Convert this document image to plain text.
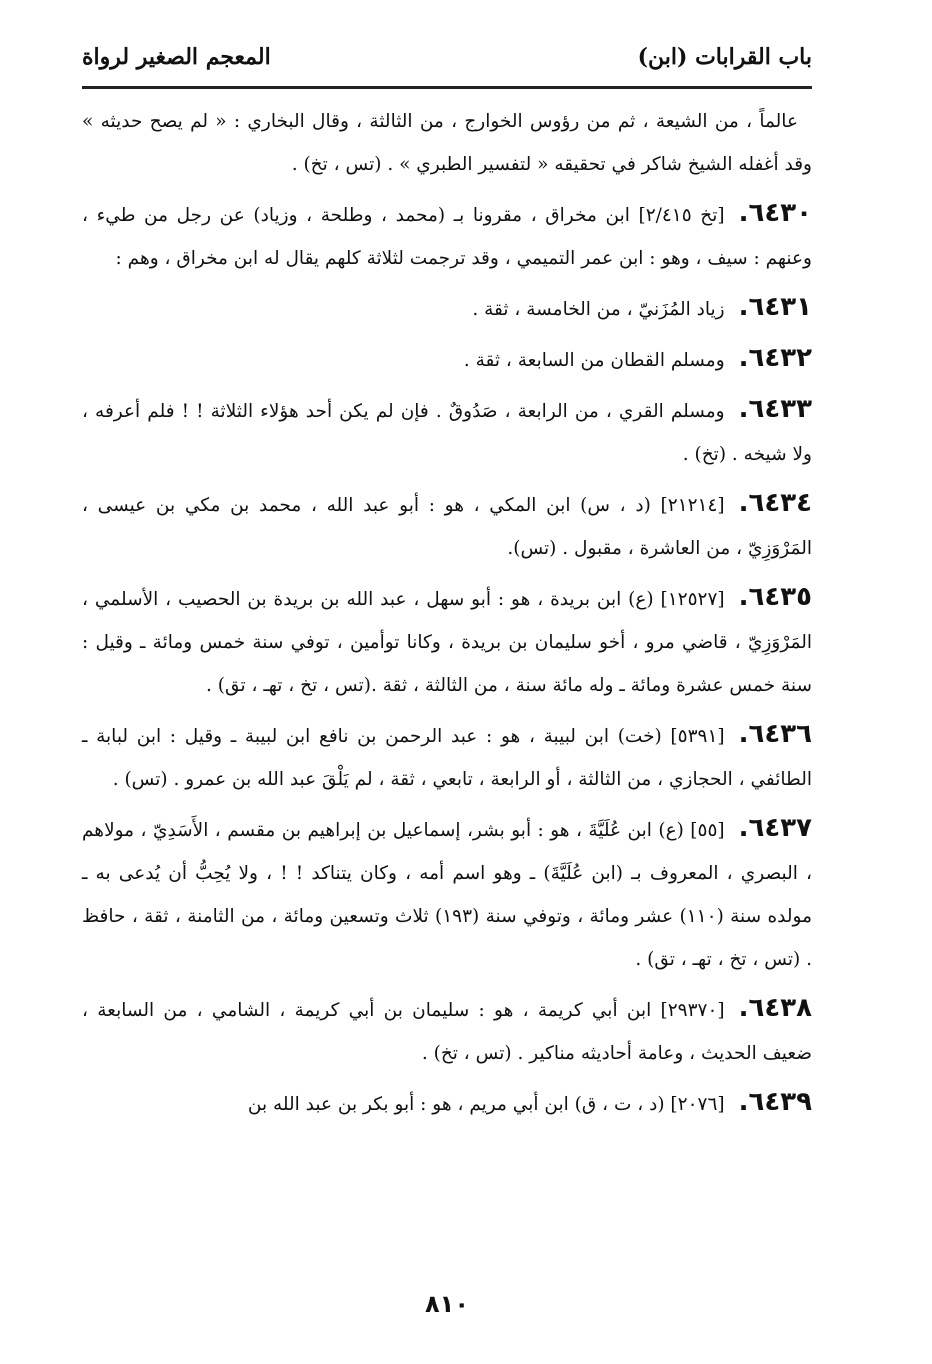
باب القرابات (ابن)
المعجم الصغير لرواة

عالماً ، من الشيعة ، ثم من رؤوس الخوارج ، من الثالثة ، وقال البخاري : « لم يصح حديثه » وقد أغفله الشيخ شاكر في تحقيقه « لتفسير الطبري » . (تس ، تخ) .

٦٤٣٠.[تخ ٢/٤١٥] ابن مخراق ، مقرونا بـ (محمد ، وطلحة ، وزياد) عن رجل من طيء ، وعنهم : سيف ، وهو : ابن عمر التميمي ، وقد ترجمت لثلاثة كلهم يقال له ابن مخراق ، وهم :

٦٤٣١.زياد المُزَنيّ ، من الخامسة ، ثقة .

٦٤٣٢.ومسلم القطان من السابعة ، ثقة .

٦٤٣٣.ومسلم القري ، من الرابعة ، صَدُوقٌ . فإن لم يكن أحد هؤلاء الثلاثة ! ! فلم أعرفه ، ولا شيخه . (تخ) .

٦٤٣٤.[٢١٢١٤] (د ، س) ابن المكي ، هو : أبو عبد الله ، محمد بن مكي بن عيسى ، المَرْوَزِيّ ، من العاشرة ، مقبول . (تس).

٦٤٣٥.[١٢٥٢٧] (ع) ابن بريدة ، هو : أبو سهل ، عبد الله بن بريدة بن الحصيب ، الأسلمي ، المَرْوَزِيّ ، قاضي مرو ، أخو سليمان بن بريدة ، وكانا توأمين ، توفي سنة خمس ومائة ـ وقيل : سنة خمس عشرة ومائة ـ وله مائة سنة ، من الثالثة ، ثقة .(تس ، تخ ، تهـ ، تق) .

٦٤٣٦.[٥٣٩١] (خت) ابن لبيبة ، هو : عبد الرحمن بن نافع ابن لبيبة ـ وقيل : ابن لبابة ـ الطائفي ، الحجازي ، من الثالثة ، أو الرابعة ، تابعي ، ثقة ، لم يَلْقَ عبد الله بن عمرو . (تس) .

٦٤٣٧.[٥٥] (ع) ابن عُلَيَّةَ ، هو : أبو بشر، إسماعيل بن إبراهيم بن مقسم ، الأَسَدِيّ ، مولاهم ، البصري ، المعروف بـ (ابن عُلَيَّةَ) ـ وهو اسم أمه ، وكان يتناكد ! ! ، ولا يُحِبُّ أن يُدعى به ـ مولده سنة (١١٠) عشر ومائة ، وتوفي سنة (١٩٣) ثلاث وتسعين ومائة ، من الثامنة ، ثقة ، حافظ . (تس ، تخ ، تهـ ، تق) .

٦٤٣٨.[٢٩٣٧٠] ابن أبي كريمة ، هو : سليمان بن أبي كريمة ، الشامي ، من السابعة ، ضعيف الحديث ، وعامة أحاديثه مناكير . (تس ، تخ) .

٦٤٣٩.[٢٠٧٦] (د ، ت ، ق) ابن أبي مريم ، هو : أبو بكر بن عبد الله بن

٨١٠
